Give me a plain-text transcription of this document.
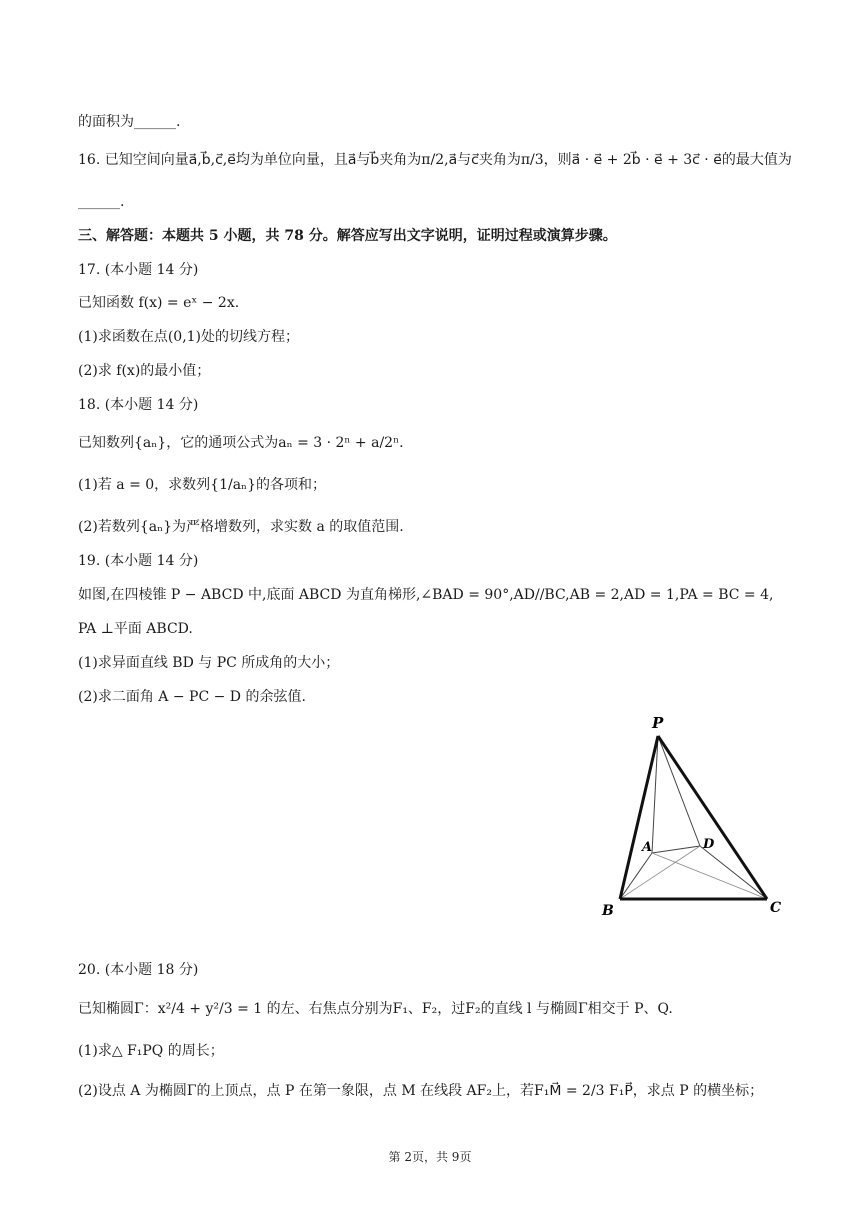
的面积为______.
16. 已知空间向量a⃗,b⃗,c⃗,e⃗均为单位向量，且a⃗与b⃗夹角为π/2,a⃗与c⃗夹角为π/3，则a⃗ · e⃗ + 2b⃗ · e⃗ + 3c⃗ · e⃗的最大值为
______.
三、解答题：本题共 5 小题，共 78 分。解答应写出文字说明，证明过程或演算步骤。
17. (本小题 14 分)
已知函数 f(x) = eˣ − 2x.
(1)求函数在点(0,1)处的切线方程；
(2)求 f(x)的最小值；
18. (本小题 14 分)
已知数列{aₙ}，它的通项公式为aₙ = 3 · 2ⁿ + a/2ⁿ.
(1)若 a = 0，求数列{1/aₙ}的各项和；
(2)若数列{aₙ}为严格增数列，求实数 a 的取值范围.
19. (本小题 14 分)
如图,在四棱锥 P − ABCD 中,底面 ABCD 为直角梯形,∠BAD = 90°,AD//BC,AB = 2,AD = 1,PA = BC = 4,
PA ⊥平面 ABCD.
(1)求异面直线 BD 与 PC 所成角的大小；
(2)求二面角 A − PC − D 的余弦值.
P
A	D
B	C
20. (本小题 18 分)
已知椭圆Γ：x²/4 + y²/3 = 1 的左、右焦点分别为F₁、F₂，过F₂的直线 l 与椭圆Γ相交于 P、Q.
(1)求△ F₁PQ 的周长；
(2)设点 A 为椭圆Γ的上顶点，点 P 在第一象限，点 M 在线段 AF₂上，若F₁M⃗ = 2/3 F₁P⃗，求点 P 的横坐标；
第 2页，共 9页
